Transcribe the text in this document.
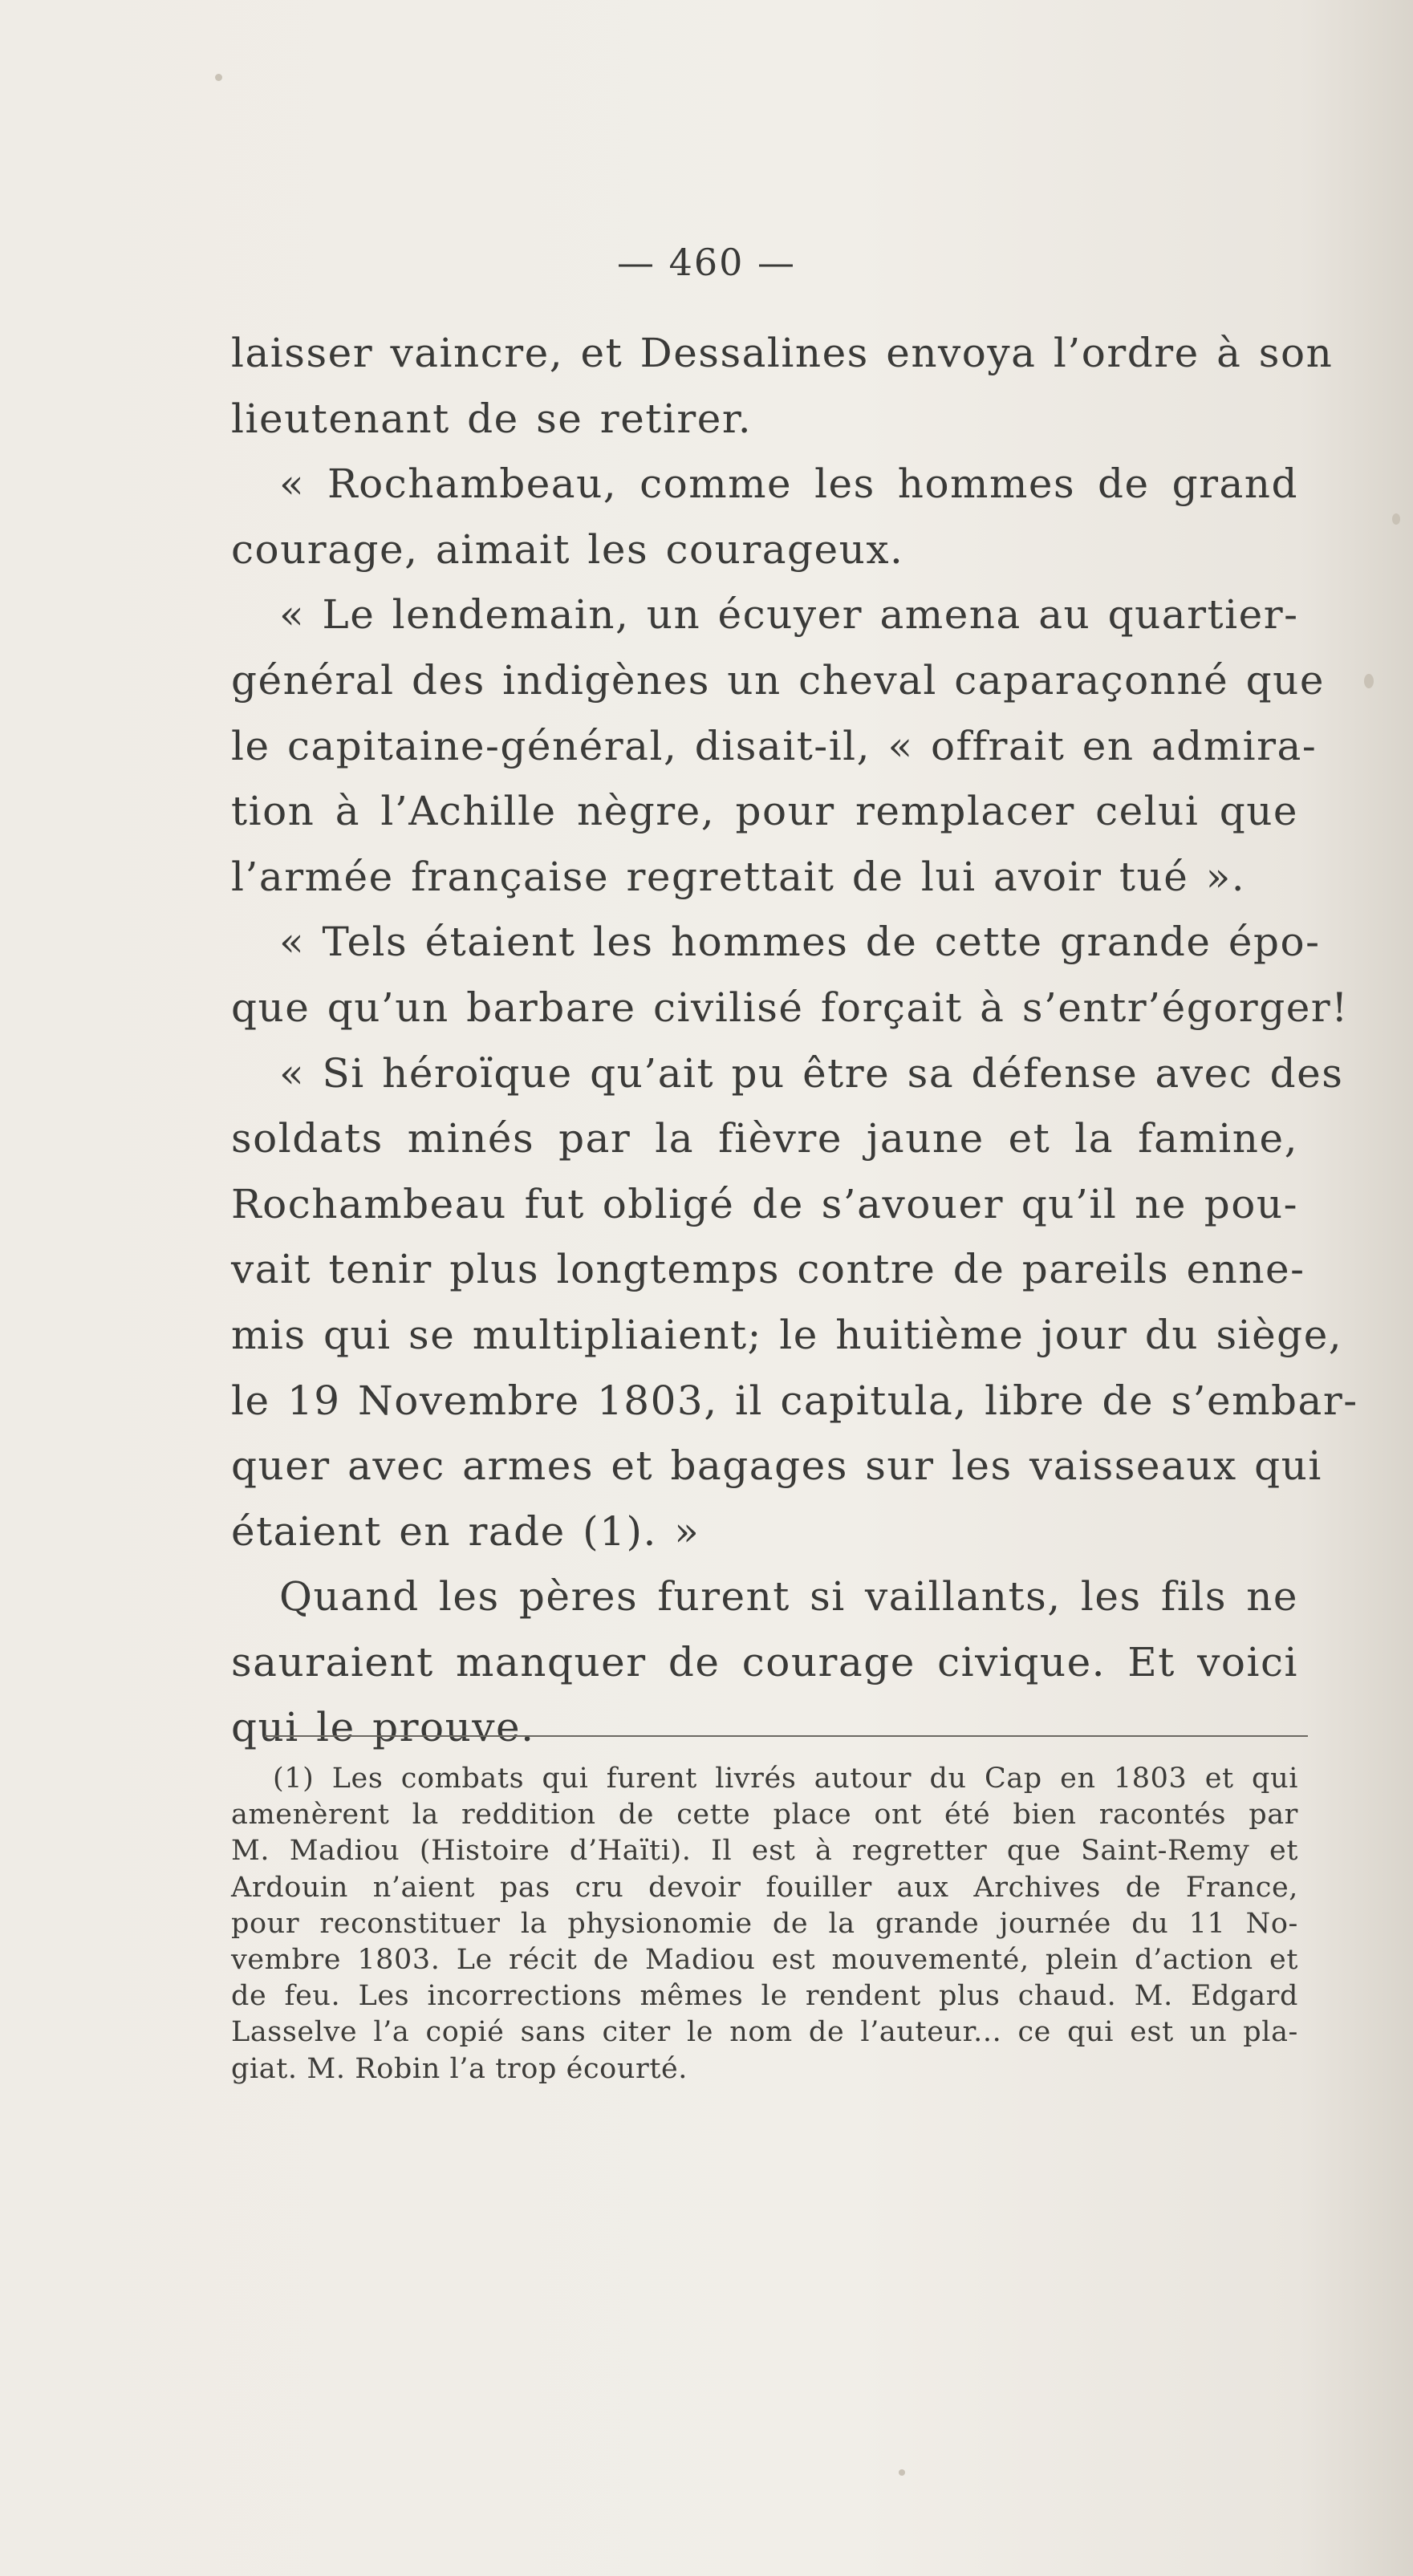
— 460 —
laisser vaincre, et Dessalines envoya l’ordre à son
lieutenant de se retirer.
« Rochambeau, comme les hommes de grand
courage, aimait les courageux.
« Le lendemain, un écuyer amena au quartier-
général des indigènes un cheval caparaçonné que
le capitaine-général, disait-il, « offrait en admira-
tion à l’Achille nègre, pour remplacer celui que
l’armée française regrettait de lui avoir tué ».
« Tels étaient les hommes de cette grande épo-
que qu’un barbare civilisé forçait à s’entr’égorger!
« Si héroïque qu’ait pu être sa défense avec des
soldats minés par la fièvre jaune et la famine,
Rochambeau fut obligé de s’avouer qu’il ne pou-
vait tenir plus longtemps contre de pareils enne-
mis qui se multipliaient; le huitième jour du siège,
le 19 Novembre 1803, il capitula, libre de s’embar-
quer avec armes et bagages sur les vaisseaux qui
étaient en rade (1). »
Quand les pères furent si vaillants, les fils ne
sauraient manquer de courage civique. Et voici
qui le prouve.
(1) Les combats qui furent livrés autour du Cap en 1803 et qui
amenèrent la reddition de cette place ont été bien racontés par
M. Madiou (Histoire d’Haïti). Il est à regretter que Saint-Remy et
Ardouin n’aient pas cru devoir fouiller aux Archives de France,
pour reconstituer la physionomie de la grande journée du 11 No-
vembre 1803. Le récit de Madiou est mouvementé, plein d’action et
de feu. Les incorrections mêmes le rendent plus chaud. M. Edgard
Lasselve l’a copié sans citer le nom de l’auteur... ce qui est un pla-
giat. M. Robin l’a trop écourté.
